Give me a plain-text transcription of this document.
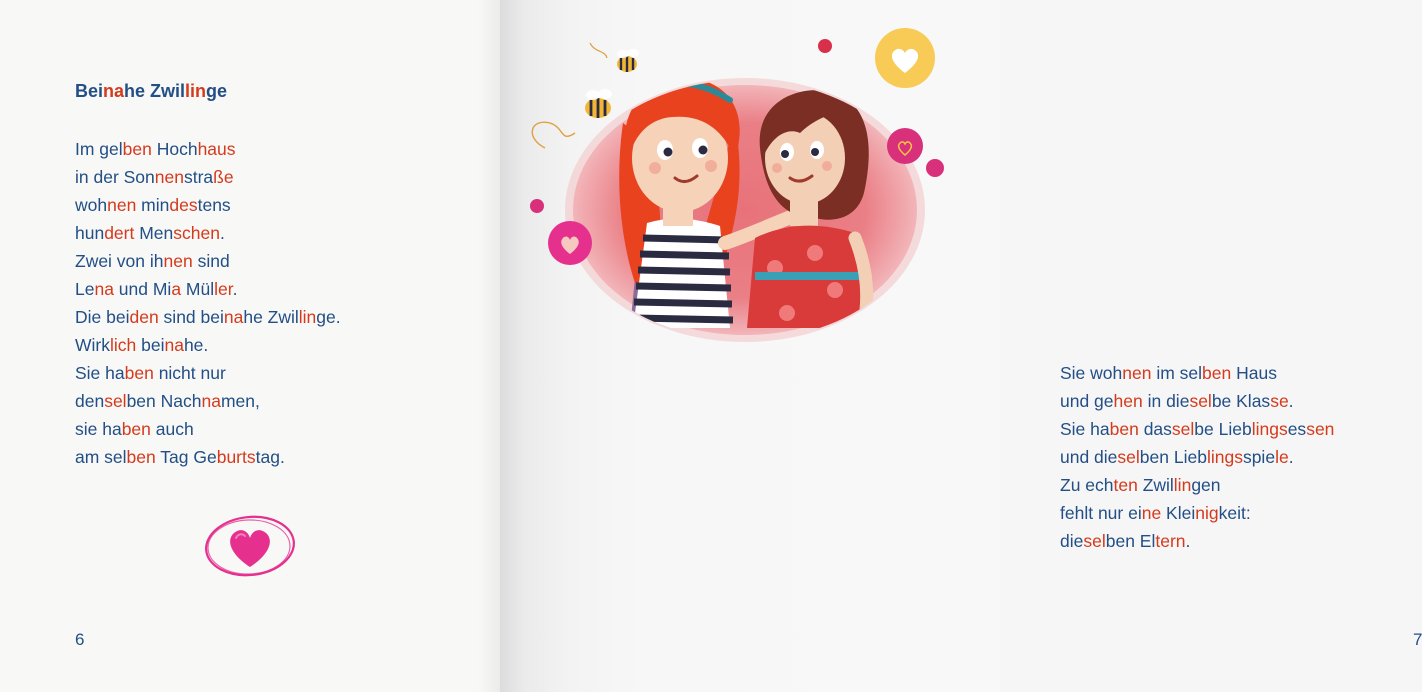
Beinahe Zwillinge
Im gelben Hochhaus
in der Sonnenstraße
wohnen mindestens
hundert Menschen.
Zwei von ihnen sind
Lena und Mia Müller.
Die beiden sind beinahe Zwillinge.
Wirklich beinahe.
Sie haben nicht nur
denselben Nachnamen,
sie haben auch
am selben Tag Geburtstag.
6
Sie wohnen im selben Haus
und gehen in dieselbe Klasse.
Sie haben dasselbe Lieblingsessen
und dieselben Lieblingsspiele.
Zu echten Zwillingen
fehlt nur eine Kleinigkeit:
dieselben Eltern.
7
